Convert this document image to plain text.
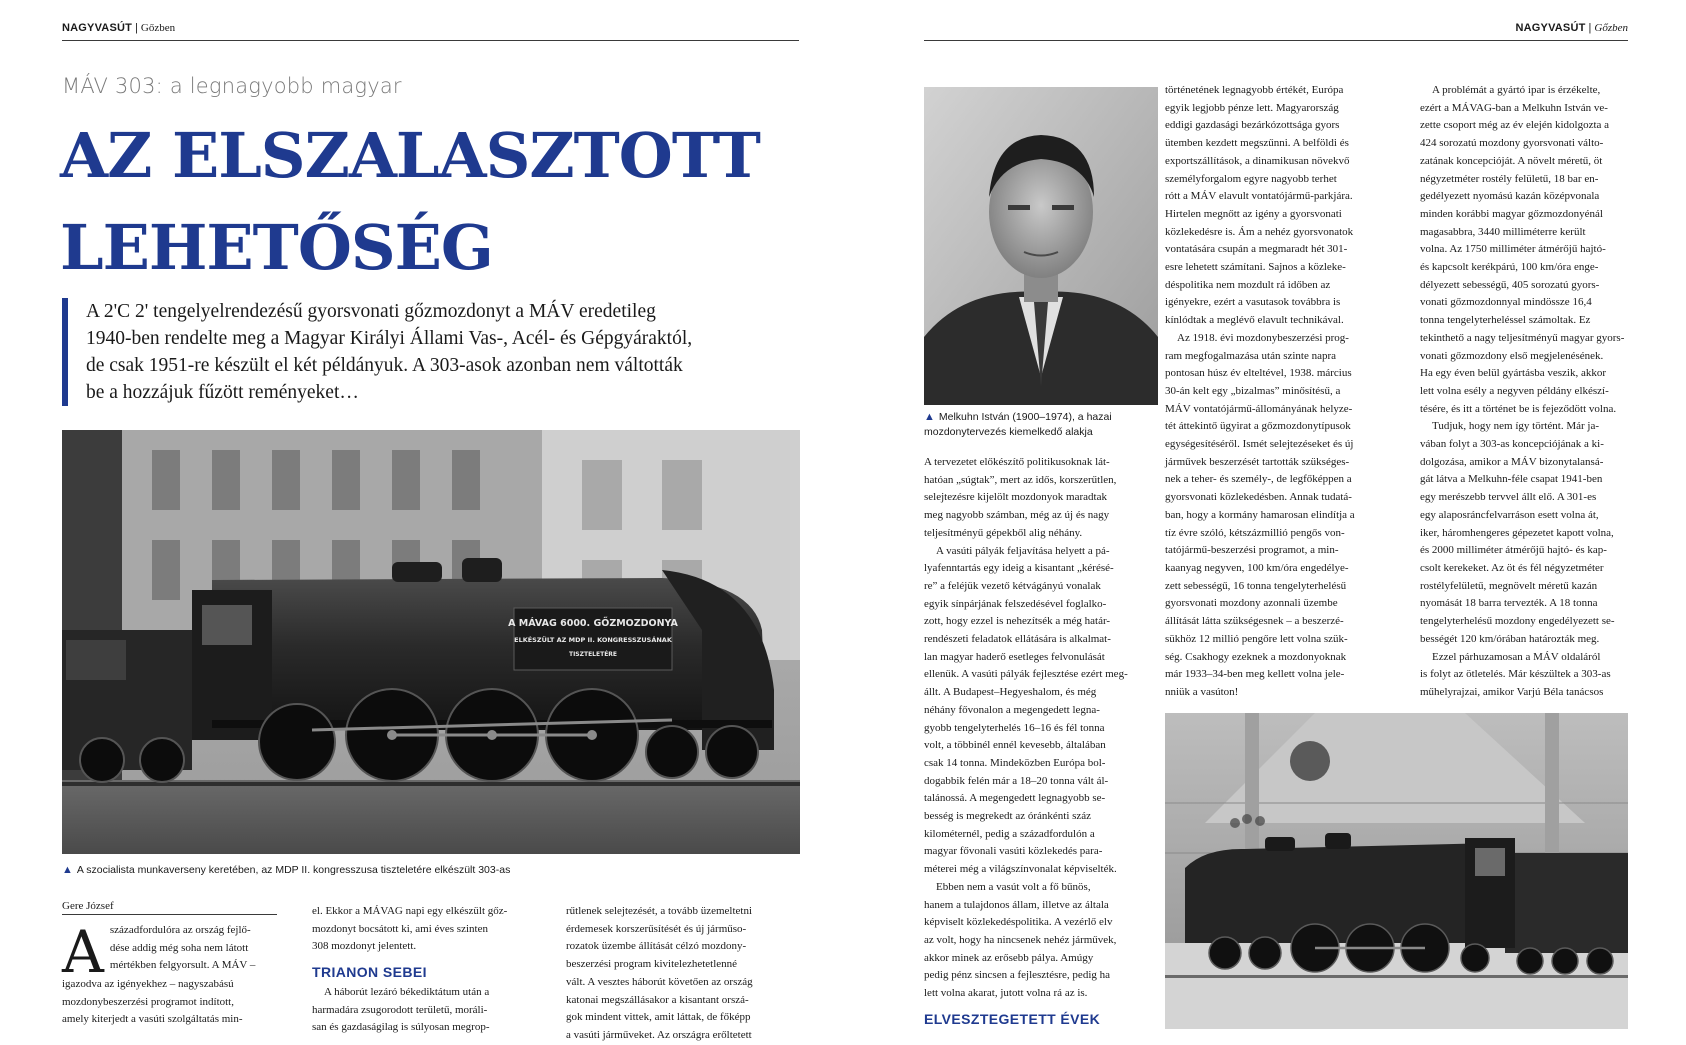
NAGYVASÚT | Gőzben
MÁV 303: a legnagyobb magyar
AZ ELSZALASZTOTT
LEHETŐSÉG
A 2'C 2' tengelyelrendezésű gyorsvonati gőzmozdonyt a MÁV eredetileg
1940-ben rendelte meg a Magyar Királyi Állami Vas-, Acél- és Gépgyáraktól,
de csak 1951-re készült el két példányuk. A 303-asok azonban nem váltották
be a hozzájuk fűzött reményeket…
A MÁVAG 6000. GŐZMOZDONYA
ELKÉSZÜLT AZ MDP II. KONGRESSZUSÁNAK
TISZTELETÉRE
▲ A szocialista munkaverseny keretében, az MDP II. kongresszusa tiszteletére elkészült 303-as
Gere József
A századfordulóra az ország fejlő-
dése addig még soha nem látott
mértékben felgyorsult. A MÁV –
igazodva az igényekhez – nagyszabású
mozdonybeszerzési programot indított,
amely kiterjedt a vasúti szolgáltatás min-
el. Ekkor a MÁVAG napi egy elkészült gőz-
mozdonyt bocsátott ki, ami éves szinten
308 mozdonyt jelentett.
TRIANON SEBEI
A háborút lezáró békediktátum után a
harmadára zsugorodott területű, moráli-
san és gazdaságilag is súlyosan megrop-
rűtlenek selejtezését, a tovább üzemeltetni
érdemesek korszerűsítését és új járműso-
rozatok üzembe állítását célzó mozdony-
beszerzési program kivitelezhetetlenné
vált. A vesztes háborút követően az ország
katonai megszállásakor a kisantant orszá-
gok mindent vittek, amit láttak, de főképp
a vasúti járműveket. Az országra erőltetett
NAGYVASÚT | Gőzben
▲ Melkuhn István (1900–1974), a hazai
mozdonytervezés kiemelkedő alakja
A tervezetet előkészítő politikusoknak lát-
hatóan „súgtak”, mert az idős, korszerűtlen,
selejtezésre kijelölt mozdonyok maradtak
meg nagyobb számban, még az új és nagy
teljesítményű gépekből alig néhány.
A vasúti pályák feljavítása helyett a pá-
lyafenntartás egy ideig a kisantant „kérésé-
re” a feléjük vezető kétvágányú vonalak
egyik sínpárjának felszedésével foglalko-
zott, hogy ezzel is nehezítsék a még határ-
rendészeti feladatok ellátására is alkalmat-
lan magyar haderő esetleges felvonulását
ellenük. A vasúti pályák fejlesztése ezért meg-
állt. A Budapest–Hegyeshalom, és még
néhány fővonalon a megengedett legna-
gyobb tengelyterhelés 16–16 és fél tonna
volt, a többinél ennél kevesebb, általában
csak 14 tonna. Mindeközben Európa bol-
dogabbik felén már a 18–20 tonna vált ál-
talánossá. A megengedett legnagyobb se-
besség is megrekedt az óránkénti száz
kilométernél, pedig a századfordulón a
magyar fővonali vasúti közlekedés para-
méterei még a világszínvonalat képviselték.
Ebben nem a vasút volt a fő bűnös,
hanem a tulajdonos állam, illetve az általa
képviselt közlekedéspolitika. A vezérlő elv
az volt, hogy ha nincsenek nehéz járművek,
akkor minek az erősebb pálya. Amúgy
pedig pénz sincsen a fejlesztésre, pedig ha
lett volna akarat, jutott volna rá az is.
ELVESZTEGETETT ÉVEK
történetének legnagyobb értékét, Európa
egyik legjobb pénze lett. Magyarország
eddigi gazdasági bezárkózottsága gyors
ütemben kezdett megszűnni. A belföldi és
exportszállítások, a dinamikusan növekvő
személyforgalom egyre nagyobb terhet
rótt a MÁV elavult vontatójármű-parkjára.
Hirtelen megnőtt az igény a gyorsvonati
közlekedésre is. Ám a nehéz gyorsvonatok
vontatására csupán a megmaradt hét 301-
esre lehetett számítani. Sajnos a közleke-
déspolitika nem mozdult rá időben az
igényekre, ezért a vasutasok továbbra is
kínlódtak a meglévő elavult technikával.
Az 1918. évi mozdonybeszerzési prog-
ram megfogalmazása után szinte napra
pontosan húsz év elteltével, 1938. március
30-án kelt egy „bizalmas” minősítésű, a
MÁV vontatójármű-állományának helyze-
tét áttekintő ügyirat a gőzmozdonytípusok
egységesítéséről. Ismét selejtezéseket és új
járművek beszerzését tartották szükséges-
nek a teher- és személy-, de legfőképpen a
gyorsvonati közlekedésben. Annak tudatá-
ban, hogy a kormány hamarosan elindítja a
tíz évre szóló, kétszázmillió pengős von-
tatójármű-beszerzési programot, a min-
kaanyag negyven, 100 km/óra engedélye-
zett sebességű, 16 tonna tengelyterhelésű
gyorsvonati mozdony azonnali üzembe
állítását látta szükségesnek – a beszerzé-
sükhöz 12 millió pengőre lett volna szük-
ség. Csakhogy ezeknek a mozdonyoknak
már 1933–34-ben meg kellett volna jele-
nniük a vasúton!
A problémát a gyártó ipar is érzékelte,
ezért a MÁVAG-ban a Melkuhn István ve-
zette csoport még az év elején kidolgozta a
424 sorozatú mozdony gyorsvonati válto-
zatának koncepcióját. A növelt méretű, öt
négyzetméter rostély felületű, 18 bar en-
gedélyezett nyomású kazán középvonala
minden korábbi magyar gőzmozdonyénál
magasabbra, 3440 milliméterre került
volna. Az 1750 milliméter átmérőjű hajtó-
és kapcsolt kerékpárú, 100 km/óra enge-
délyezett sebességű, 405 sorozatú gyors-
vonati gőzmozdonnyal mindössze 16,4
tonna tengelyterheléssel számoltak. Ez
tekinthető a nagy teljesítményű magyar gyors-
vonati gőzmozdony első megjelenésének.
Ha egy éven belül gyártásba veszik, akkor
lett volna esély a negyven példány elkészí-
tésére, és itt a történet be is fejeződött volna.
Tudjuk, hogy nem így történt. Már ja-
vában folyt a 303-as koncepciójának a ki-
dolgozása, amikor a MÁV bizonytalansá-
gát látva a Melkuhn-féle csapat 1941-ben
egy merészebb tervvel állt elő. A 301-es
egy alaposráncfelvarráson esett volna át,
iker, háromhengeres gépezetet kapott volna,
és 2000 milliméter átmérőjű hajtó- és kap-
csolt kerekeket. Az öt és fél négyzetméter
rostélyfelületű, megnövelt méretű kazán
nyomását 18 barra tervezték. A 18 tonna
tengelyterhelésű mozdony engedélyezett se-
bességét 120 km/órában határozták meg.
Ezzel párhuzamosan a MÁV oldaláról
is folyt az ötletelés. Már készültek a 303-as
műhelyrajzai, amikor Varjú Béla tanácsos
